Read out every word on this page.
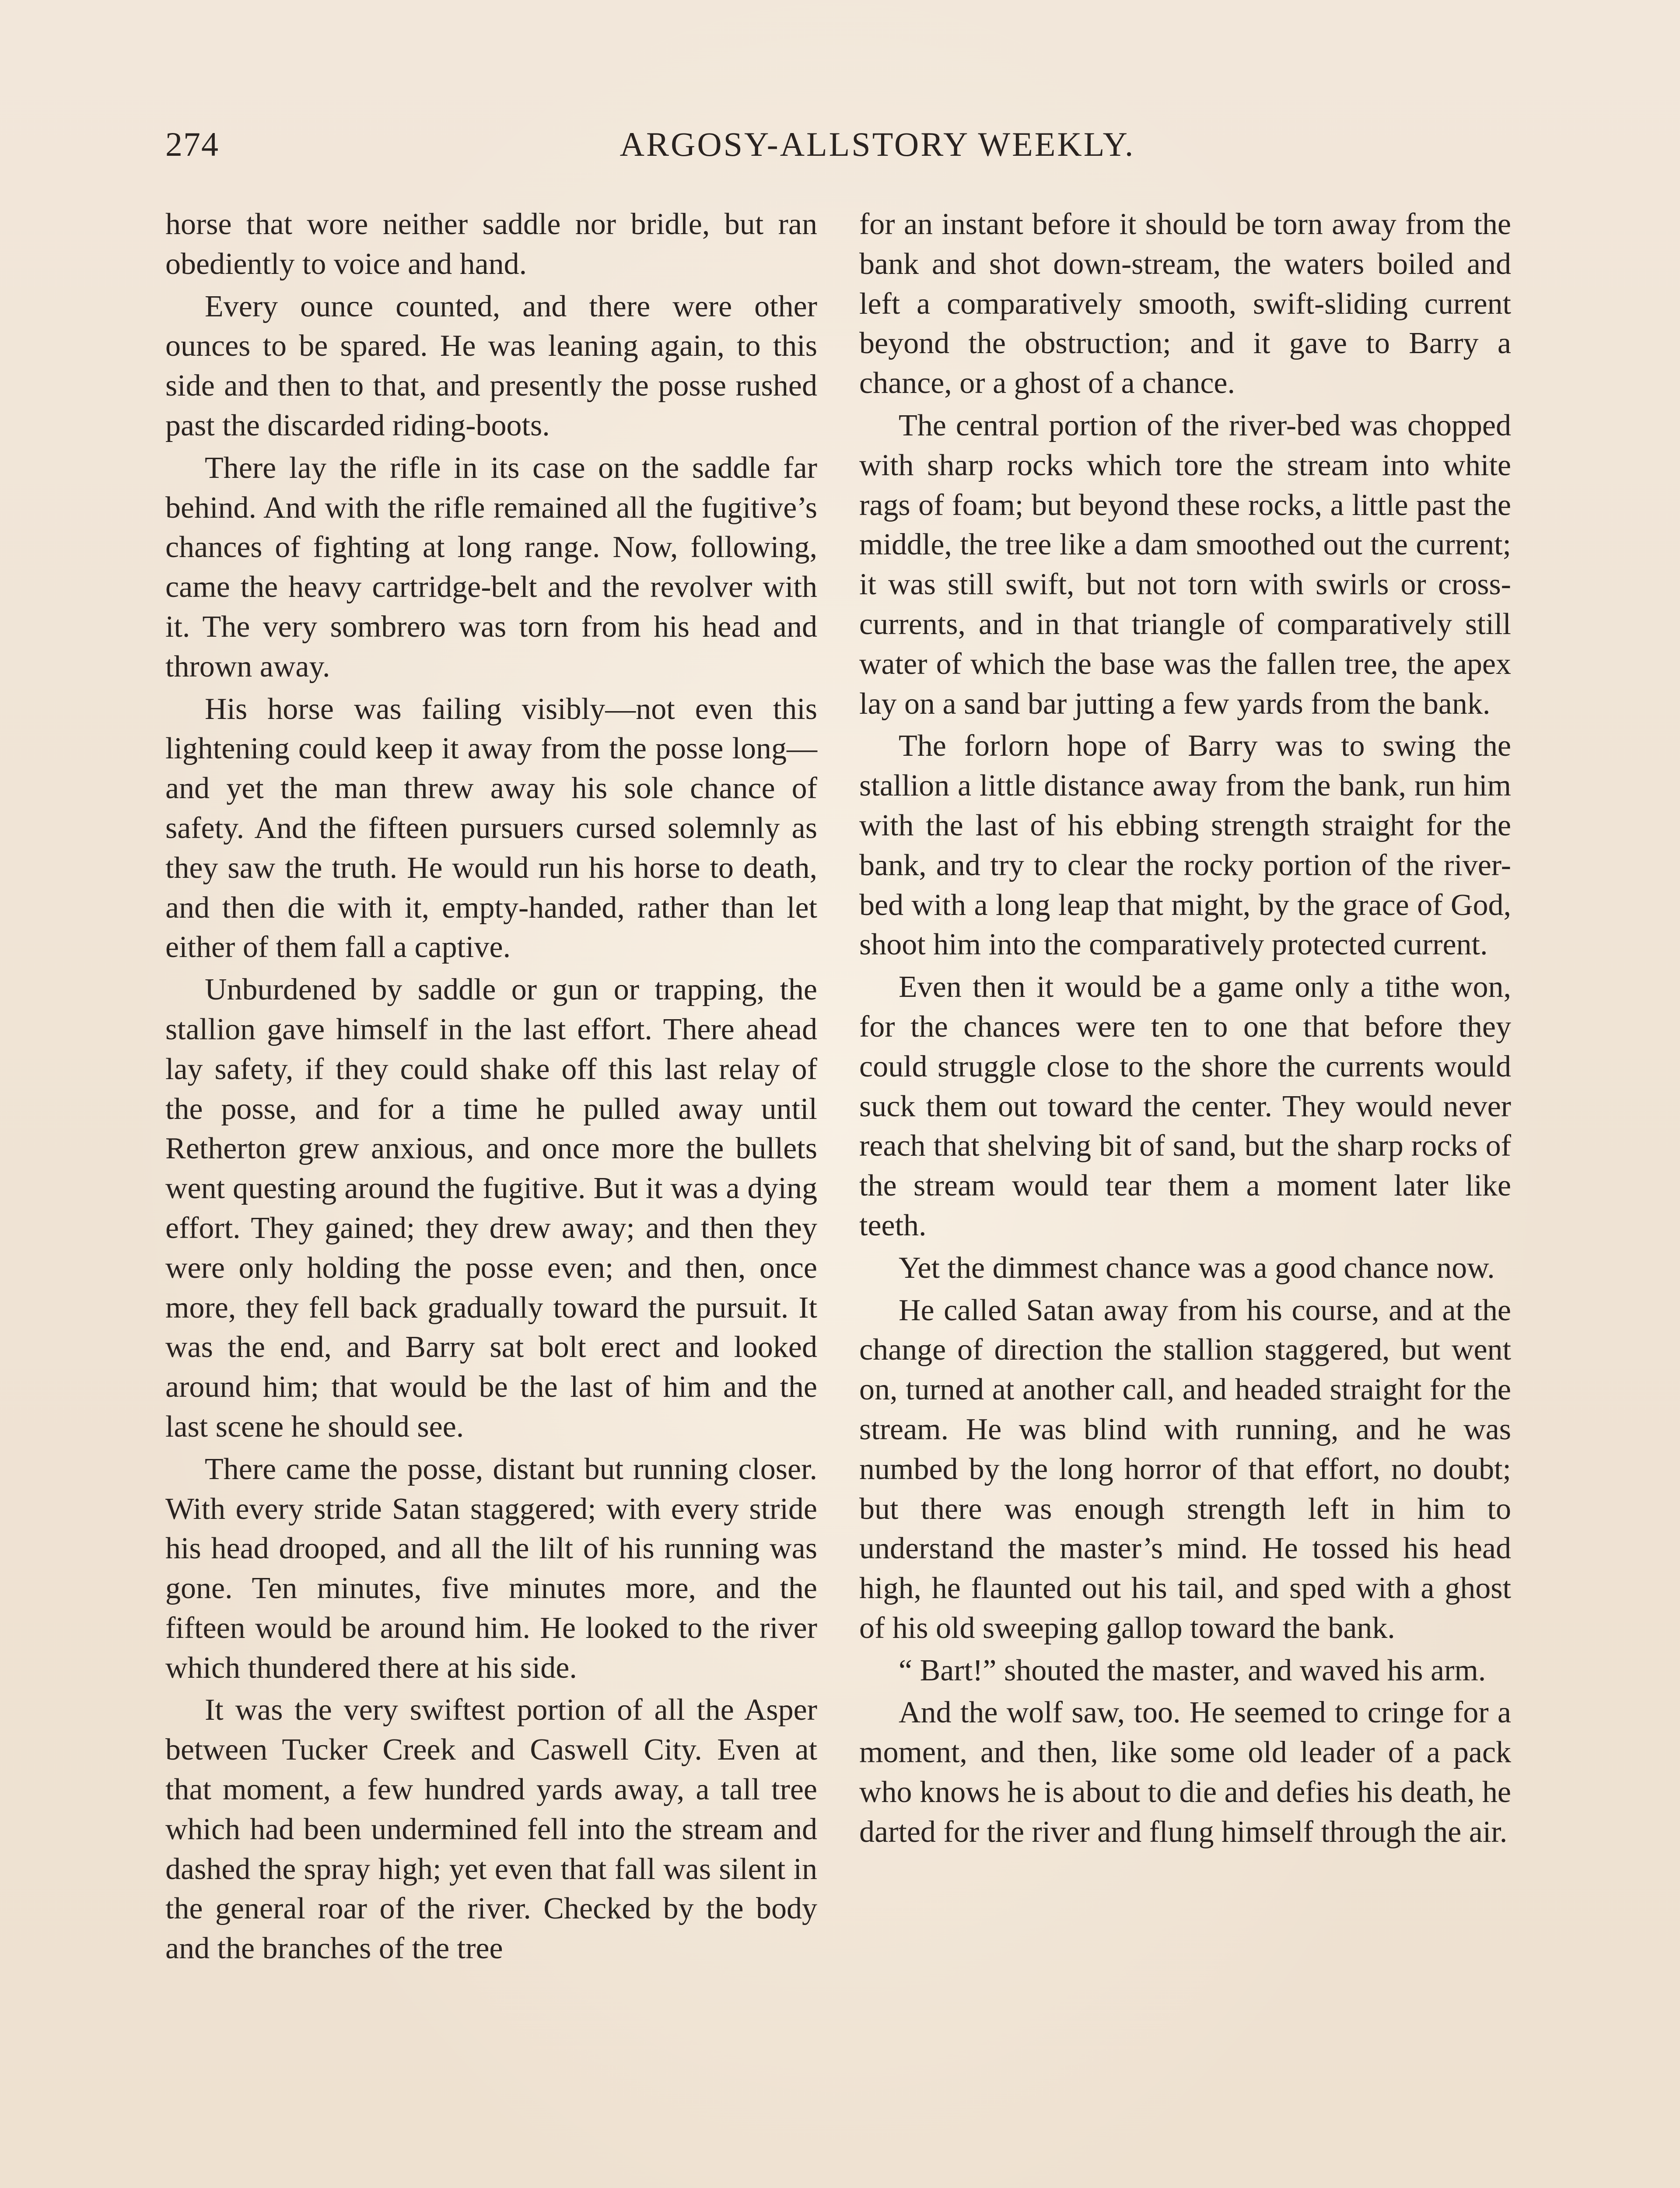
274	ARGOSY-ALLSTORY WEEKLY.

horse that wore neither saddle nor bridle, but ran obediently to voice and hand.

Every ounce counted, and there were other ounces to be spared. He was leaning again, to this side and then to that, and presently the posse rushed past the discarded riding-boots.

There lay the rifle in its case on the saddle far behind. And with the rifle remained all the fugitive’s chances of fighting at long range. Now, following, came the heavy cartridge-belt and the revolver with it. The very sombrero was torn from his head and thrown away.

His horse was failing visibly—not even this lightening could keep it away from the posse long—and yet the man threw away his sole chance of safety. And the fifteen pursuers cursed solemnly as they saw the truth. He would run his horse to death, and then die with it, empty-handed, rather than let either of them fall a captive.

Unburdened by saddle or gun or trapping, the stallion gave himself in the last effort. There ahead lay safety, if they could shake off this last relay of the posse, and for a time he pulled away until Retherton grew anxious, and once more the bullets went questing around the fugitive. But it was a dying effort. They gained; they drew away; and then they were only holding the posse even; and then, once more, they fell back gradually toward the pursuit. It was the end, and Barry sat bolt erect and looked around him; that would be the last of him and the last scene he should see.

There came the posse, distant but running closer. With every stride Satan staggered; with every stride his head drooped, and all the lilt of his running was gone. Ten minutes, five minutes more, and the fifteen would be around him. He looked to the river which thundered there at his side.

It was the very swiftest portion of all the Asper between Tucker Creek and Caswell City. Even at that moment, a few hundred yards away, a tall tree which had been undermined fell into the stream and dashed the spray high; yet even that fall was silent in the general roar of the river. Checked by the body and the branches of the tree

for an instant before it should be torn away from the bank and shot down-stream, the waters boiled and left a comparatively smooth, swift-sliding current beyond the obstruction; and it gave to Barry a chance, or a ghost of a chance.

The central portion of the river-bed was chopped with sharp rocks which tore the stream into white rags of foam; but beyond these rocks, a little past the middle, the tree like a dam smoothed out the current; it was still swift, but not torn with swirls or cross-currents, and in that triangle of comparatively still water of which the base was the fallen tree, the apex lay on a sand bar jutting a few yards from the bank.

The forlorn hope of Barry was to swing the stallion a little distance away from the bank, run him with the last of his ebbing strength straight for the bank, and try to clear the rocky portion of the river-bed with a long leap that might, by the grace of God, shoot him into the comparatively protected current.

Even then it would be a game only a tithe won, for the chances were ten to one that before they could struggle close to the shore the currents would suck them out toward the center. They would never reach that shelving bit of sand, but the sharp rocks of the stream would tear them a moment later like teeth.

Yet the dimmest chance was a good chance now.

He called Satan away from his course, and at the change of direction the stallion staggered, but went on, turned at another call, and headed straight for the stream. He was blind with running, and he was numbed by the long horror of that effort, no doubt; but there was enough strength left in him to understand the master’s mind. He tossed his head high, he flaunted out his tail, and sped with a ghost of his old sweeping gallop toward the bank.

“ Bart!” shouted the master, and waved his arm.

And the wolf saw, too. He seemed to cringe for a moment, and then, like some old leader of a pack who knows he is about to die and defies his death, he darted for the river and flung himself through the air.
